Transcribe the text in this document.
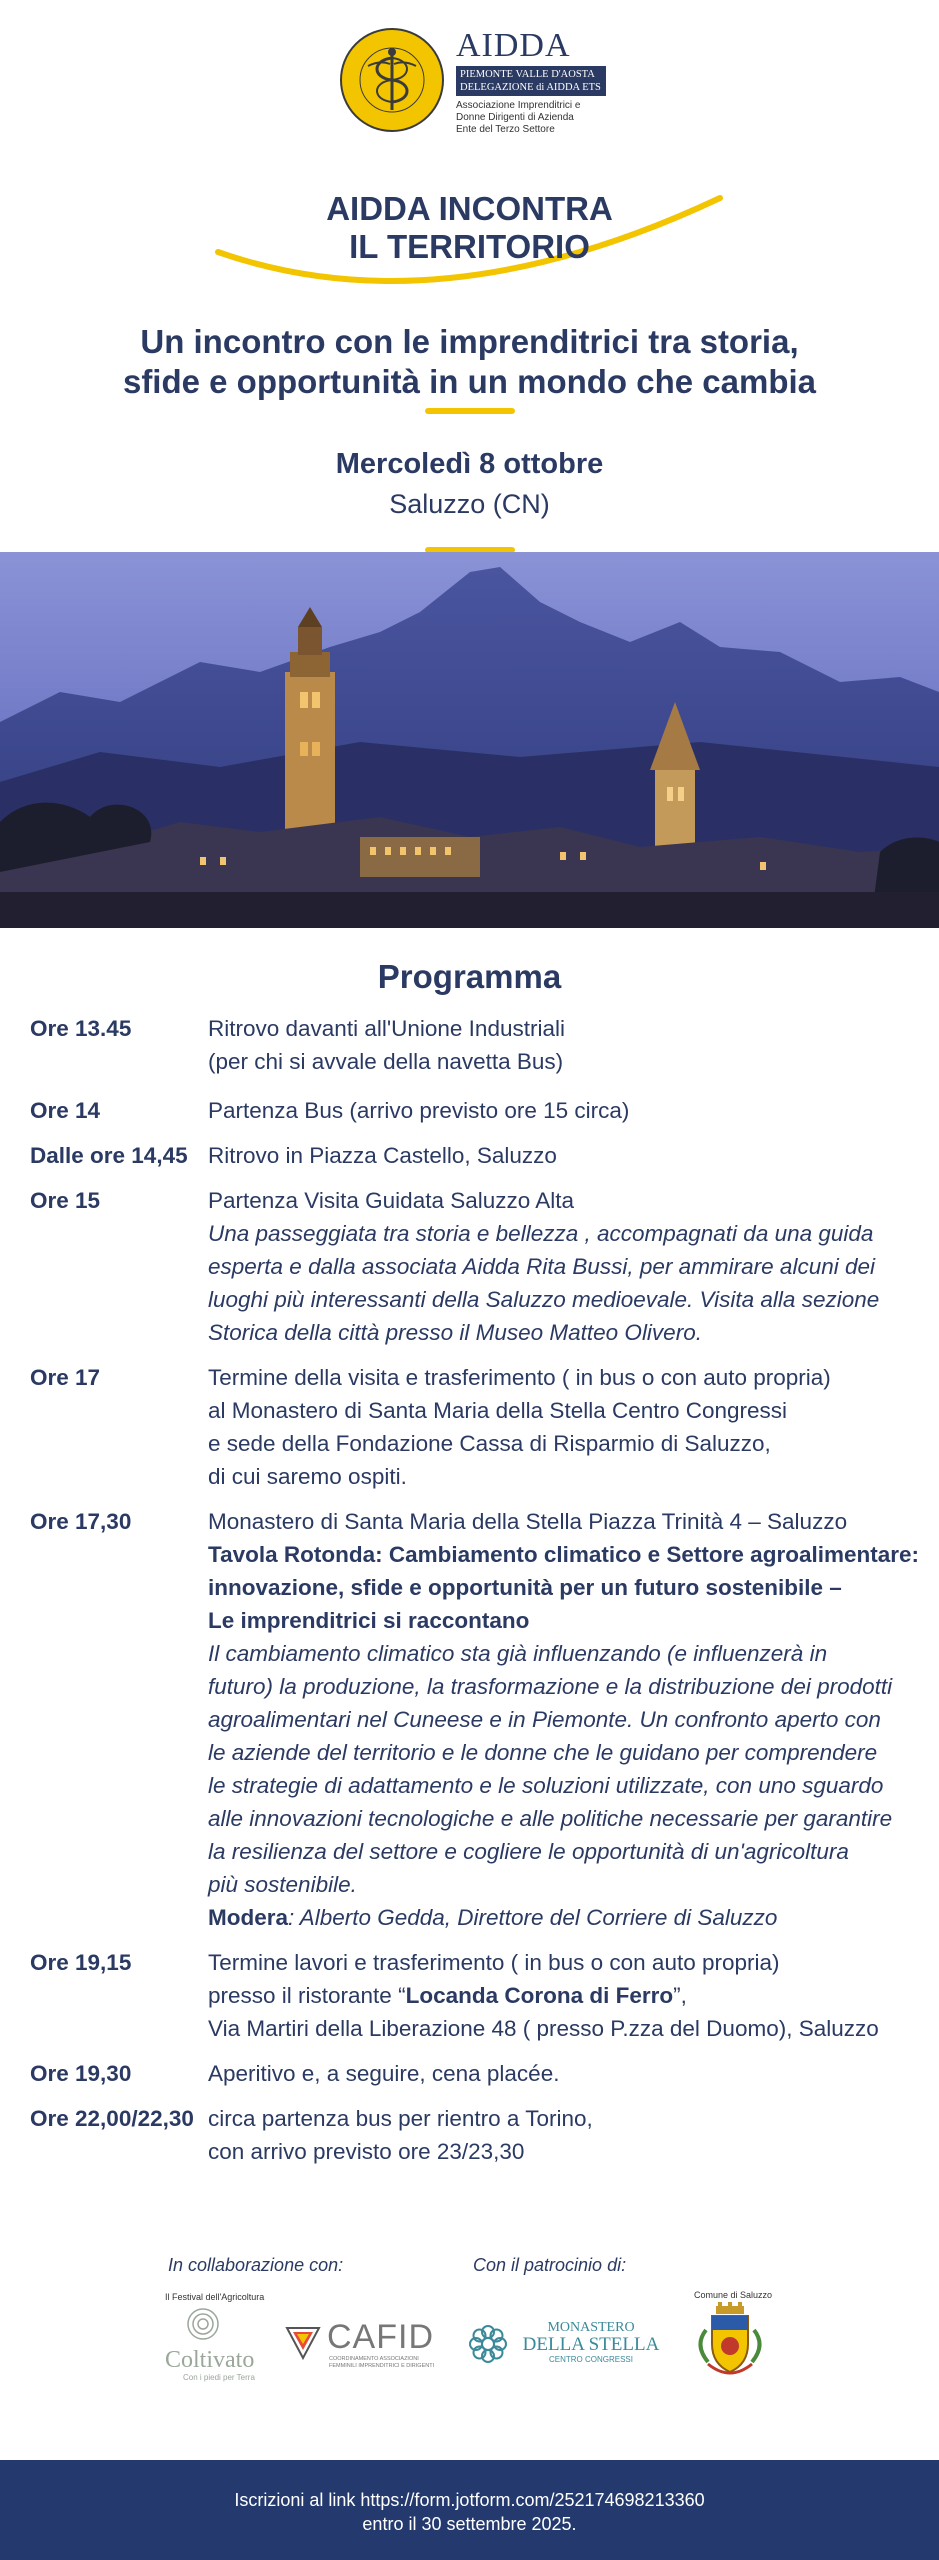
AIDDA
PIEMONTE VALLE D'AOSTA
DELEGAZIONE di AIDDA ETS
Associazione Imprenditrici e
Donne Dirigenti di Azienda
Ente del Terzo Settore
AIDDA INCONTRA
IL TERRITORIO
Un incontro con le imprenditrici tra storia,
sfide e opportunità in un mondo che cambia
Mercoledì 8 ottobre
Saluzzo (CN)
Programma
Ore 13.45	Ritrovo davanti all'Unione Industriali
(per chi si avvale della navetta Bus)
Ore 14	Partenza Bus (arrivo previsto ore 15 circa)
Dalle ore 14,45 Ritrovo in Piazza Castello, Saluzzo
Ore 15	Partenza Visita Guidata Saluzzo Alta
Una passeggiata tra storia e bellezza , accompagnati da una guida
esperta e dalla associata Aidda Rita Bussi, per ammirare alcuni dei
luoghi più interessanti della Saluzzo medioevale. Visita alla sezione
Storica della città presso il Museo Matteo Olivero.
Ore 17	Termine della visita e trasferimento ( in bus o con auto propria)
al Monastero di Santa Maria della Stella Centro Congressi
e sede della Fondazione Cassa di Risparmio di Saluzzo,
di cui saremo ospiti.
Ore 17,30	Monastero di Santa Maria della Stella Piazza Trinità 4 – Saluzzo
Tavola Rotonda: Cambiamento climatico e Settore agroalimentare:
innovazione, sfide e opportunità per un futuro sostenibile –
Le imprenditrici si raccontano
Il cambiamento climatico sta già influenzando (e influenzerà in
futuro) la produzione, la trasformazione e la distribuzione dei prodotti
agroalimentari nel Cuneese e in Piemonte. Un confronto aperto con
le aziende del territorio e le donne che le guidano per comprendere
le strategie di adattamento e le soluzioni utilizzate, con uno sguardo
alle innovazioni tecnologiche e alle politiche necessarie per garantire
la resilienza del settore e cogliere le opportunità di un'agricoltura
più sostenibile.
Modera: Alberto Gedda, Direttore del Corriere di Saluzzo
Ore 19,15	Termine lavori e trasferimento ( in bus o con auto propria)
presso il ristorante “Locanda Corona di Ferro”,
Via Martiri della Liberazione 48 ( presso P.zza del Duomo), Saluzzo
Ore 19,30	Aperitivo e, a seguire, cena placée.
Ore 22,00/22,30 circa partenza bus per rientro a Torino,
con arrivo previsto ore 23/23,30
In collaborazione con:	Con il patrocinio di:
Il Festival dell'Agricoltura
Coltivato
Con i piedi per Terra
CAFID
COORDINAMENTO ASSOCIAZIONI
FEMMINILI IMPRENDITRICI E DIRIGENTI
MONASTERO
DELLA STELLA
CENTRO CONGRESSI
Comune di Saluzzo
Iscrizioni al link https://form.jotform.com/252174698213360
entro il 30 settembre 2025.
